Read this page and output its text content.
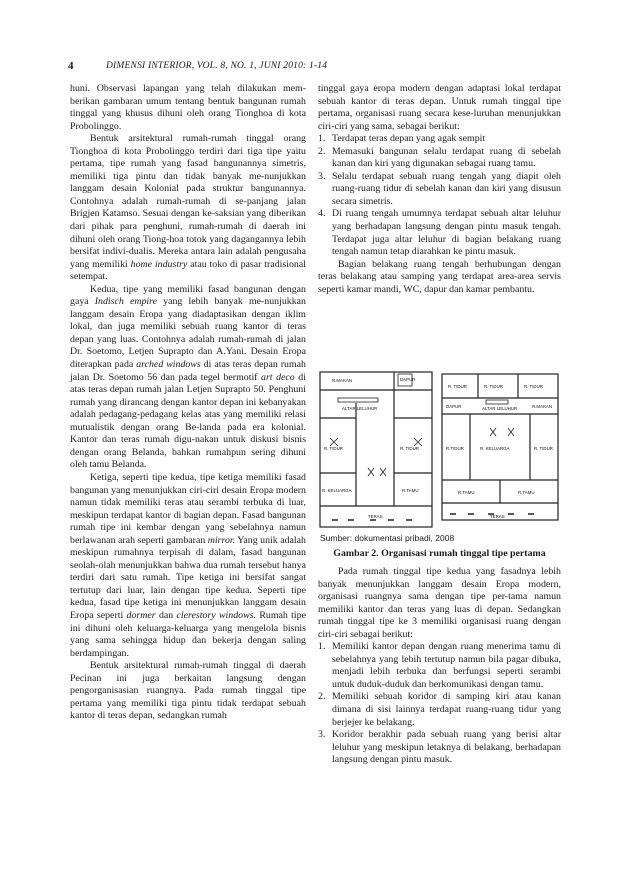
4	DIMENSI INTERIOR, VOL. 8, NO. 1, JUNI 2010: 1-14

huni. Observasi lapangan yang telah dilakukan mem-berikan gambaran umum tentang bentuk bangunan rumah tinggal yang khusus dihuni oleh orang Tionghoa di kota Probolinggo.

Bentuk arsitektural rumah-rumah tinggal orang Tionghoa di kota Probolinggo terdiri dari tiga tipe yaitu pertama, tipe rumah yang fasad bangunannya simetris, memiliki tiga pintu dan tidak banyak me-nunjukkan langgam desain Kolonial pada struktur bangunannya. Contohnya adalah rumah-rumah di se-panjang jalan Brigjen Katamso. Sesuai dengan ke-saksian yang diberikan dari pihak para penghuni, rumah-rumah di daerah ini dihuni oleh orang Tiong-hoa totok yang dagangannya lebih bersifat indivi-dualis. Mereka antara lain adalah pengusaha yang memiliki home industry atau toko di pasar tradisional setempat.

Kedua, tipe yang memiliki fasad bangunan dengan gaya Indisch empire yang lebih banyak me-nunjukkan langgam desain Eropa yang diadaptasikan dengan iklim lokal, dan juga memiliki sebuah ruang kantor di teras depan yang luas. Contohnya adalah rumah-rumah di jalan Dr. Soetomo, Letjen Suprapto dan A.Yani. Desain Eropa diterapkan pada arched windows di atas teras depan rumah jalan Dr. Soetomo 56 dan pada tegel bermotif art deco di atas teras depan rumah jalan Letjen Suprapto 50. Penghuni rumah yang dirancang dengan kantor depan ini kebanyakan adalah pedagang-pedagang kelas atas yang memiliki relasi mutualistik dengan orang Be-landa pada era kolonial. Kantor dan teras rumah digu-nakan untuk diskusi bisnis dengan orang Belanda, bahkan rumahpun sering dihuni oleh tamu Belanda.

Ketiga, seperti tipe kedua, tipe ketiga memiliki fasad bangunan yang menunjukkan ciri-ciri desain Eropa modern namun tidak memiliki teras atau serambi terbuka di luar, meskipun terdapat kantor di bagian depan. Fasad bangunan rumah tipe ini kembar dengan yang sebelahnya namun berlawanan arah seperti gambaran mirror. Yang unik adalah meskipun rumahnya terpisah di dalam, fasad bangunan seolah-olah menunjukkan bahwa dua rumah tersebut hanya terdiri dari satu rumah. Tipe ketiga ini bersifat sangat tertutup dari luar, lain dengan tipe kedua. Seperti tipe kedua, fasad tipe ketiga ini menunjukkan langgam desain Eropa seperti dormer dan clerestory windows. Rumah tipe ini dihuni oleh keluarga-keluarga yang mengelola bisnis yang sama sehingga hidup dan bekerja dengan saling berdampingan.

Bentuk arsitektural rumah-rumah tinggal di daerah Pecinan ini juga berkaitan langsung dengan pengorganisasian ruangnya. Pada rumah tinggal tipe pertama yang memiliki tiga pintu tidak terdapat sebuah kantor di teras depan, sedangkan rumah

tinggal gaya eropa modern dengan adaptasi lokal terdapat sebuah kantor di teras depan. Untuk rumah tinggal tipe pertama, organisasi ruang secara kese-luruhan menunjukkan ciri-ciri yang sama, sebagai berikut:

1. Terdapat teras depan yang agak sempit
2. Memasuki bangunan selalu terdapat ruang di sebelah kanan dan kiri yang digunakan sebagai ruang tamu.
3. Selalu terdapat sebuah ruang tengah yang diapit oleh ruang-ruang tidur di sebelah kanan dan kiri yang disusun secara simetris.
4. Di ruang tengah umumnya terdapat sebuah altar leluhur yang berhadapan langsung dengan pintu masuk tengah. Terdapat juga altar leluhur di bagian belakang ruang tengah namun tetap diarahkan ke pintu masuk.

Bagian belakang ruang tengah berhubungan dengan teras belakang atau samping yang terdapat area-area servis seperti kamar mandi, WC, dapur dan kamar pembantu.

R.MAKAN	DAPUR
ALTAR LELUHUR
R. TIDUR	R. TIDUR
R. KELUARGA	R.TAMU
TERAS
R. TIDUR	R. TIDUR	R. TIDUR
ALTAR LELUHUR
DAPUR	R.MAKAN
R.TIDUR	R. KELUARGA	R. TIDUR
R.TAMU	R.TAMU
TERAS
Sumber: dokumentasi pribadi, 2008
Gambar 2. Organisasi rumah tinggal tipe pertama

Pada rumah tinggal tipe kedua yang fasadnya lebih banyak menunjukkan langgam desain Eropa modern, organisasi ruangnya sama dengan tipe per-tama namun memiliki kantor dan teras yang luas di depan. Sedangkan rumah tinggal tipe ke 3 memiliki organisasi ruang dengan ciri-ciri sebagai berikut:

1. Memiliki kantor depan dengan ruang menerima tamu di sebelahnya yang lebih tertutup namun bila pagar dibuka, menjadi lebih terbuka dan berfungsi seperti serambi untuk duduk-duduk dan berkomunikasi dengan tamu.
2. Memiliki sebuah koridor di samping kiri atau kanan dimana di sisi lainnya terdapat ruang-ruang tidur yang berjejer ke belakang.
3. Koridor berakhir pada sebuah ruang yang berisi altar leluhur yang meskipun letaknya di belakang, berhadapan langsung dengan pintu masuk.
